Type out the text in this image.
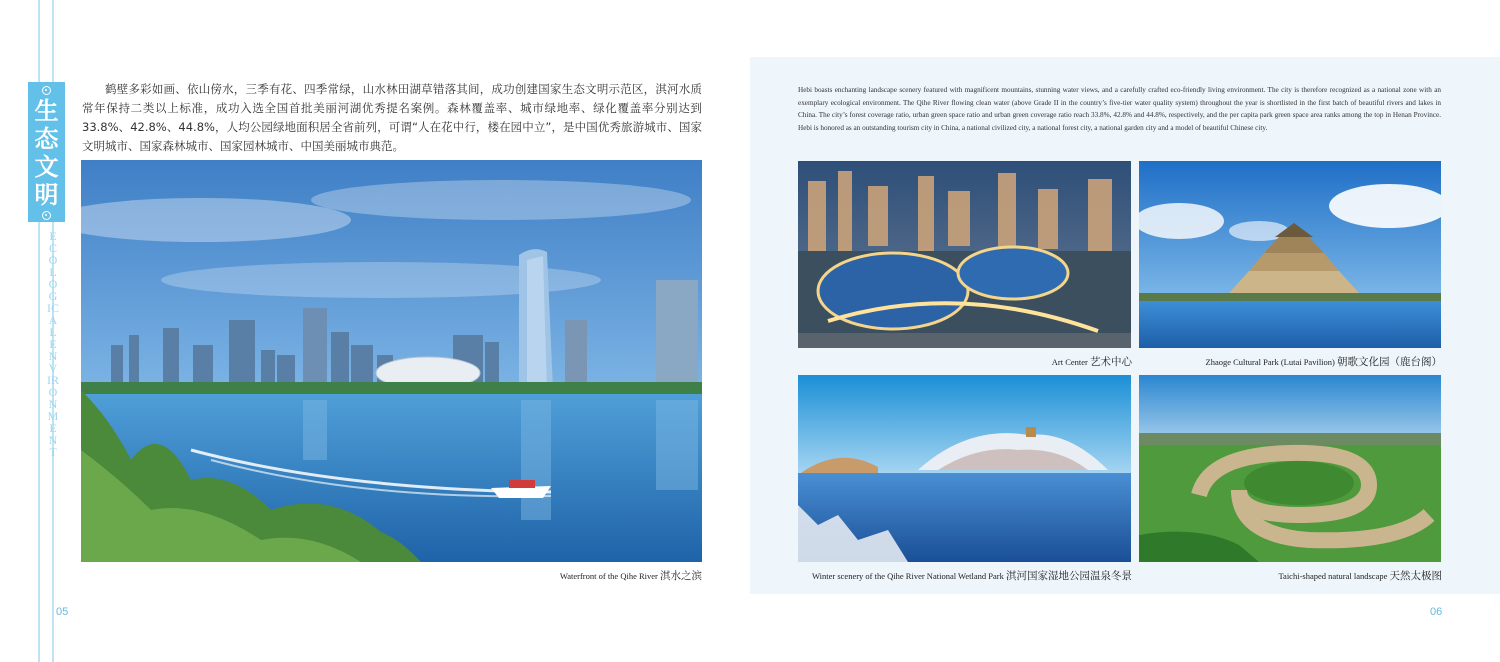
生态文明
ECOLOGICAL ENVIRONMENT

鹤壁多彩如画、依山傍水，三季有花、四季常绿，山水林田湖草错落其间，成功创建国家生态文明示范区，淇河水质常年保持二类以上标准，成功入选全国首批美丽河湖优秀提名案例。森林覆盖率、城市绿地率、绿化覆盖率分别达到33.8%、42.8%、44.8%，人均公园绿地面积居全省前列，可谓“人在花中行，楼在园中立”，是中国优秀旅游城市、国家文明城市、国家森林城市、国家园林城市、中国美丽城市典范。

Waterfront of the Qihe River 淇水之滨
05

Hebi boasts enchanting landscape scenery featured with magnificent mountains, stunning water views, and a carefully crafted eco-friendly living environment. The city is therefore recognized as a national zone with an exemplary ecological environment. The Qihe River flowing clean water (above Grade II in the country’s five-tier water quality system) throughout the year is shortlisted in the first batch of beautiful rivers and lakes in China. The city’s forest coverage ratio, urban green space ratio and urban green coverage ratio reach 33.8%, 42.8% and 44.8%, respectively, and the per capita park green space area ranks among the top in Henan Province. Hebi is honored as an outstanding tourism city in China, a national civilized city, a national forest city, a national garden city and a model of beautiful Chinese city.

Art Center 艺术中心	Zhaoge Cultural Park (Lutai Pavilion) 朝歌文化园（鹿台阁）
Winter scenery of the Qihe River National Wetland Park 淇河国家湿地公园温泉冬景	Taichi-shaped natural landscape 天然太极图
06
